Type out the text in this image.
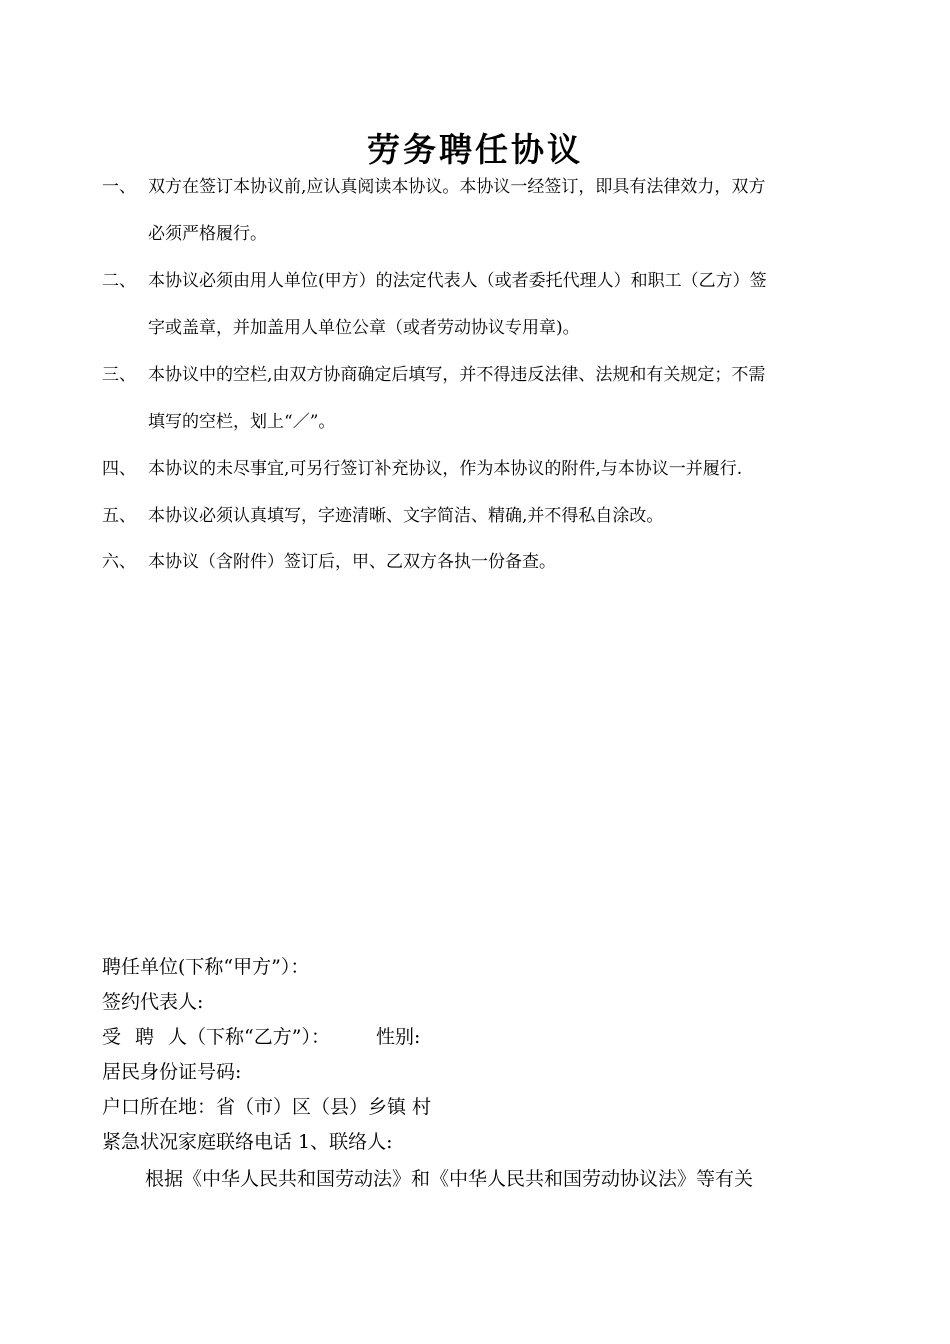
劳务聘任协议
一、 双方在签订本协议前,应认真阅读本协议。本协议一经签订，即具有法律效力，双方
必须严格履行。
二、 本协议必须由用人单位(甲方）的法定代表人（或者委托代理人）和职工（乙方）签
字或盖章，并加盖用人单位公章（或者劳动协议专用章)。
三、 本协议中的空栏,由双方协商确定后填写，并不得违反法律、法规和有关规定；不需
填写的空栏，划上“／”。
四、 本协议的未尽事宜,可另行签订补充协议，作为本协议的附件,与本协议一并履行.
五、 本协议必须认真填写，字迹清晰、文字简洁、精确,并不得私自涂改。
六、 本协议（含附件）签订后，甲、乙双方各执一份备查。
聘任单位(下称“甲方”）：
签约代表人:
受 聘 人（下称“乙方”）： 性别:
居民身份证号码:
户口所在地：省（市）区（县）乡镇 村
紧急状况家庭联络电话 1、联络人:
根据《中华人民共和国劳动法》和《中华人民共和国劳动协议法》等有关
